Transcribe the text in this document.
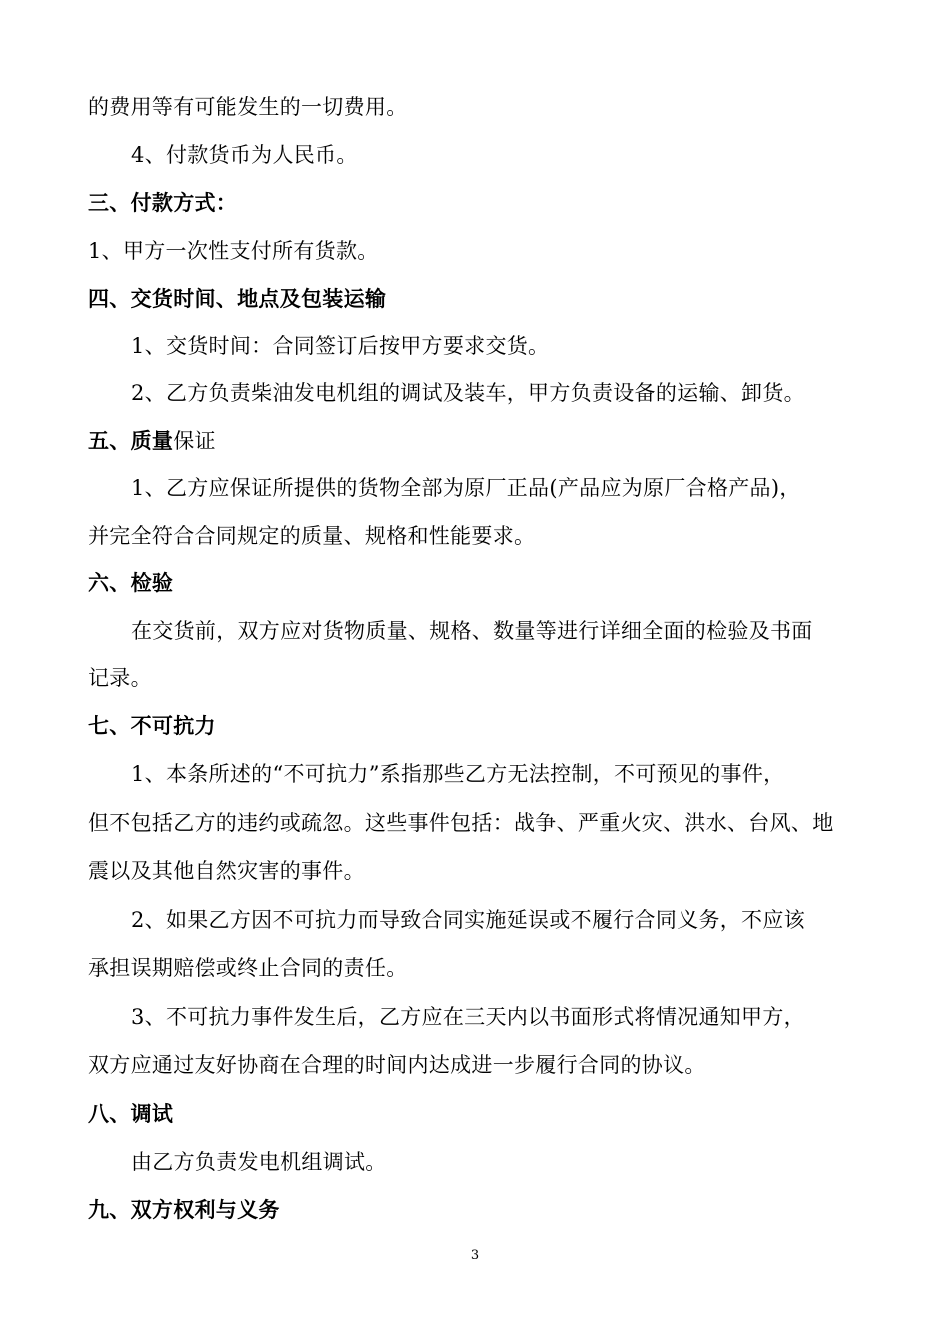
的费用等有可能发生的一切费用。
4、付款货币为人民币。
三、付款方式：
1、甲方一次性支付所有货款。
四、交货时间、地点及包装运输
1、交货时间：合同签订后按甲方要求交货。
2、乙方负责柴油发电机组的调试及装车，甲方负责设备的运输、卸货。
五、质量保证
1、乙方应保证所提供的货物全部为原厂正品(产品应为原厂合格产品)，
并完全符合合同规定的质量、规格和性能要求。
六、检验
在交货前，双方应对货物质量、规格、数量等进行详细全面的检验及书面
记录。
七、不可抗力
1、本条所述的“不可抗力”系指那些乙方无法控制，不可预见的事件，
但不包括乙方的违约或疏忽。这些事件包括：战争、严重火灾、洪水、台风、地
震以及其他自然灾害的事件。
2、如果乙方因不可抗力而导致合同实施延误或不履行合同义务，不应该
承担误期赔偿或终止合同的责任。
3、不可抗力事件发生后，乙方应在三天内以书面形式将情况通知甲方，
双方应通过友好协商在合理的时间内达成进一步履行合同的协议。
八、调试
由乙方负责发电机组调试。
九、双方权利与义务
3
